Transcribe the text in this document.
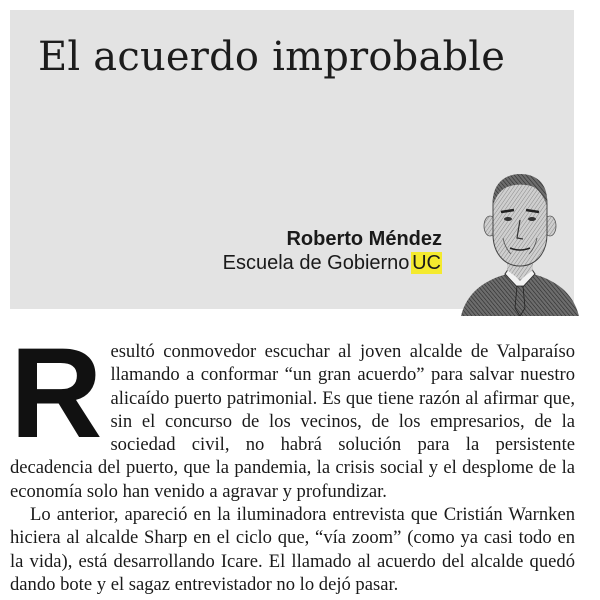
El acuerdo improbable
Roberto Méndez
Escuela de Gobierno  UC

Resultó conmovedor escuchar al joven alcalde de Valparaíso llamando a conformar “un gran acuerdo” para salvar nuestro alicaído puerto patrimonial. Es que tiene razón al afirmar que, sin el concurso de los vecinos, de los empresarios, de la sociedad civil, no habrá solución para la persistente decadencia del puerto, que la pandemia, la crisis social y el desplome de la economía solo han venido a agravar y profundizar.

Lo anterior, apareció en la iluminadora entrevista que Cristián Warnken hiciera al alcalde Sharp en el ciclo que, “vía zoom” (como ya casi todo en la vida), está desarrollando Icare. El llamado al acuerdo del alcalde quedó dando bote y el sagaz entrevistador no lo dejó pasar.
